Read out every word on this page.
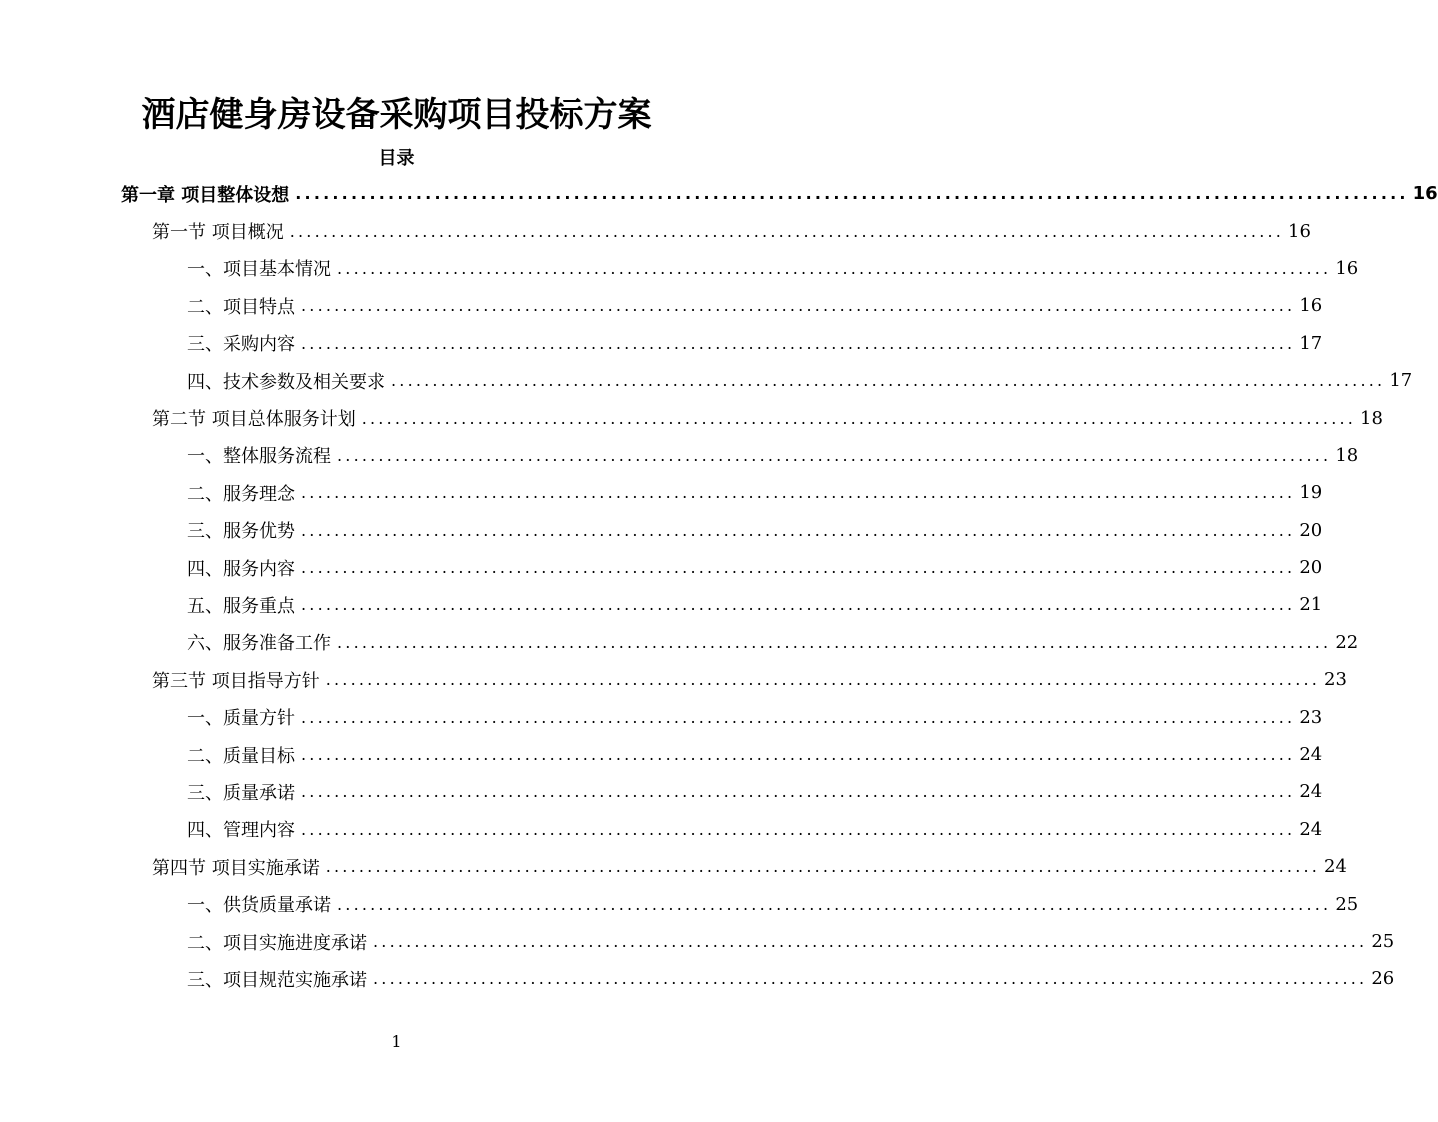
酒店健身房设备采购项目投标方案
目录
第一章 项目整体设想 ........................................................................................................................ 16
第一节 项目概况 ........................................................................................................................ 16
一、项目基本情况 ........................................................................................................................ 16
二、项目特点 ........................................................................................................................ 16
三、采购内容 ........................................................................................................................ 17
四、技术参数及相关要求 ........................................................................................................................ 17
第二节 项目总体服务计划 ........................................................................................................................ 18
一、整体服务流程 ........................................................................................................................ 18
二、服务理念 ........................................................................................................................ 19
三、服务优势 ........................................................................................................................ 20
四、服务内容 ........................................................................................................................ 20
五、服务重点 ........................................................................................................................ 21
六、服务准备工作 ........................................................................................................................ 22
第三节 项目指导方针 ........................................................................................................................ 23
一、质量方针 ........................................................................................................................ 23
二、质量目标 ........................................................................................................................ 24
三、质量承诺 ........................................................................................................................ 24
四、管理内容 ........................................................................................................................ 24
第四节 项目实施承诺 ........................................................................................................................ 24
一、供货质量承诺 ........................................................................................................................ 25
二、项目实施进度承诺 ........................................................................................................................ 25
三、项目规范实施承诺 ........................................................................................................................ 26
1
